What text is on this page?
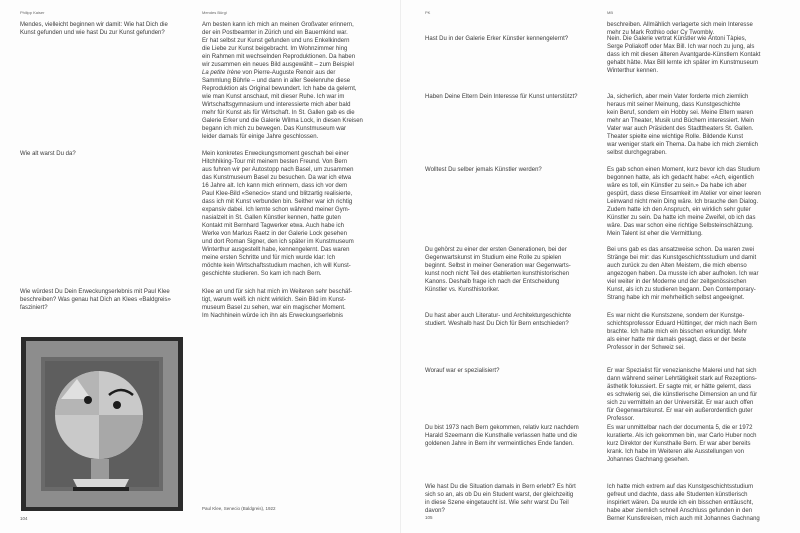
Philipp Kaiser	Mendes Bürgi
Paul Klee, Senecio (Baldgreis), 1922
104
Mendes, vielleicht beginnen wir damit: Wie hat Dich die
Kunst gefunden und wie hast Du zur Kunst gefunden?
Am besten kann ich mich an meinen Großvater erinnern,
der ein Postbeamter in Zürich und ein Bauernkind war.
Er hat selbst zur Kunst gefunden und uns Enkelkindern
die Liebe zur Kunst beigebracht. Im Wohnzimmer hing
ein Rahmen mit wechselnden Reproduktionen. Da haben
wir zusammen ein neues Bild ausgewählt – zum Beispiel
La petite Irène von Pierre-Auguste Renoir aus der
Sammlung Bührle – und dann in aller Seelenruhe diese
Reproduktion als Original bewundert. Ich habe da gelernt,
wie man Kunst anschaut, mit dieser Ruhe. Ich war im
Wirtschaftsgymnasium und interessierte mich aber bald
mehr für Kunst als für Wirtschaft. In St. Gallen gab es die
Galerie Erker und die Galerie Wilma Lock, in diesen Kreisen
begann ich mich zu bewegen. Das Kunstmuseum war
leider damals für einige Jahre geschlossen.
Wie alt warst Du da?	Mein konkretes Erweckungsmoment geschah bei einer
Hitchhiking-Tour mit meinem besten Freund. Von Bern
aus fuhren wir per Autostopp nach Basel, um zusammen
das Kunstmuseum Basel zu besuchen. Da war ich etwa
16 Jahre alt. Ich kann mich erinnern, dass ich vor dem
Paul Klee-Bild «Senecio» stand und blitzartig realisierte,
dass ich mit Kunst verbunden bin. Seither war ich richtig
expansiv dabei. Ich lernte schon während meiner Gym-
nasialzeit in St. Gallen Künstler kennen, hatte guten
Kontakt mit Bernhard Tagwerker etwa. Auch habe ich
Werke von Markus Raetz in der Galerie Lock gesehen
und dort Roman Signer, den ich später im Kunstmuseum
Winterthur ausgestellt habe, kennengelernt. Das waren
meine ersten Schritte und für mich wurde klar: Ich
möchte kein Wirtschaftsstudium machen, ich will Kunst-
geschichte studieren. So kam ich nach Bern.
Wie würdest Du Dein Erweckungserlebnis mit Paul Klee
beschreiben? Was genau hat Dich an Klees «Baldgreis»
fasziniert?
Klee an und für sich hat mich im Weiteren sehr beschäf-
tigt, warum weiß ich nicht wirklich. Sein Bild im Kunst-
museum Basel zu sehen, war ein magischer Moment.
Im Nachhinein würde ich ihn als Erweckungserlebnis
PK	MB
105
beschreiben. Allmählich verlagerte sich mein Interesse
mehr zu Mark Rothko oder Cy Twombly.
Hast Du in der Galerie Erker Künstler kennengelernt?	Nein. Die Galerie vertrat Künstler wie Antoni Tàpies,
Serge Poliakoff oder Max Bill. Ich war noch zu jung, als
dass ich mit diesen älteren Avantgarde-Künstlern Kontakt
gehabt hätte. Max Bill lernte ich später im Kunstmuseum
Winterthur kennen.
Haben Deine Eltern Dein Interesse für Kunst unterstützt?	Ja, sicherlich, aber mein Vater forderte mich ziemlich
heraus mit seiner Meinung, dass Kunstgeschichte
kein Beruf, sondern ein Hobby sei. Meine Eltern waren
mehr an Theater, Musik und Büchern interessiert. Mein
Vater war auch Präsident des Stadttheaters St. Gallen.
Theater spielte eine wichtige Rolle. Bildende Kunst
war weniger stark ein Thema. Da habe ich mich ziemlich
selbst durchgegraben.
Wolltest Du selber jemals Künstler werden?	Es gab schon einen Moment, kurz bevor ich das Studium
begonnen hatte, als ich gedacht habe: «Ach, eigentlich
wäre es toll, ein Künstler zu sein.» Da habe ich aber
gespürt, dass diese Einsamkeit im Atelier vor einer leeren
Leinwand nicht mein Ding wäre. Ich brauche den Dialog.
Zudem hatte ich den Anspruch, ein wirklich sehr guter
Künstler zu sein. Da hatte ich meine Zweifel, ob ich das
wäre. Das war schon eine richtige Selbsteinschätzung.
Mein Talent ist eher die Vermittlung.
Du gehörst zu einer der ersten Generationen, bei der
Gegenwartskunst im Studium eine Rolle zu spielen
beginnt. Selbst in meiner Generation war Gegenwarts-
kunst noch nicht Teil des etablierten kunsthistorischen
Kanons. Deshalb frage ich nach der Entscheidung
Künstler vs. Kunsthistoriker.
Bei uns gab es das ansatzweise schon. Da waren zwei
Stränge bei mir: das Kunstgeschichtsstudium und damit
auch zurück zu den Alten Meistern, die mich ebenso
angezogen haben. Da musste ich aber aufholen. Ich war
viel weiter in der Moderne und der zeitgenössischen
Kunst, als ich zu studieren begann. Den Contemporary-
Strang habe ich mir mehrheitlich selbst angeeignet.
Du hast aber auch Literatur- und Architekturgeschichte
studiert. Weshalb hast Du Dich für Bern entschieden?
Es war nicht die Kunstszene, sondern der Kunstge-
schichtsprofessor Eduard Hüttinger, der mich nach Bern
brachte. Ich hatte mich ein bisschen erkundigt. Mehr
als einer hatte mir damals gesagt, dass er der beste
Professor in der Schweiz sei.
Worauf war er spezialisiert?	Er war Spezialist für venezianische Malerei und hat sich
dann während seiner Lehrtätigkeit stark auf Rezeptions-
ästhetik fokussiert. Er sagte mir, er hätte gelernt, dass
es schwierig sei, die künstlerische Dimension an und für
sich zu vermitteln an der Universität. Er war auch offen
für Gegenwartskunst. Er war ein außerordentlich guter
Professor.
Du bist 1973 nach Bern gekommen, relativ kurz nachdem
Harald Szeemann die Kunsthalle verlassen hatte und die
goldenen Jahre in Bern ihr vermeintliches Ende fanden.
Es war unmittelbar nach der documenta 5, die er 1972
kuratierte. Als ich gekommen bin, war Carlo Huber noch
kurz Direktor der Kunsthalle Bern. Er war aber bereits
krank. Ich habe im Weiteren alle Ausstellungen von
Johannes Gachnang gesehen.
Wie hast Du die Situation damals in Bern erlebt? Es hört
sich so an, als ob Du ein Student warst, der gleichzeitig
in diese Szene eingetaucht ist. Wie sehr warst Du Teil
davon?
Ich hatte mich extrem auf das Kunstgeschichtsstudium
gefreut und dachte, dass alle Studenten künstlerisch
inspiriert wären. Da wurde ich ein bisschen enttäuscht,
habe aber ziemlich schnell Anschluss gefunden in den
Berner Kunstkreisen, mich auch mit Johannes Gachnang
